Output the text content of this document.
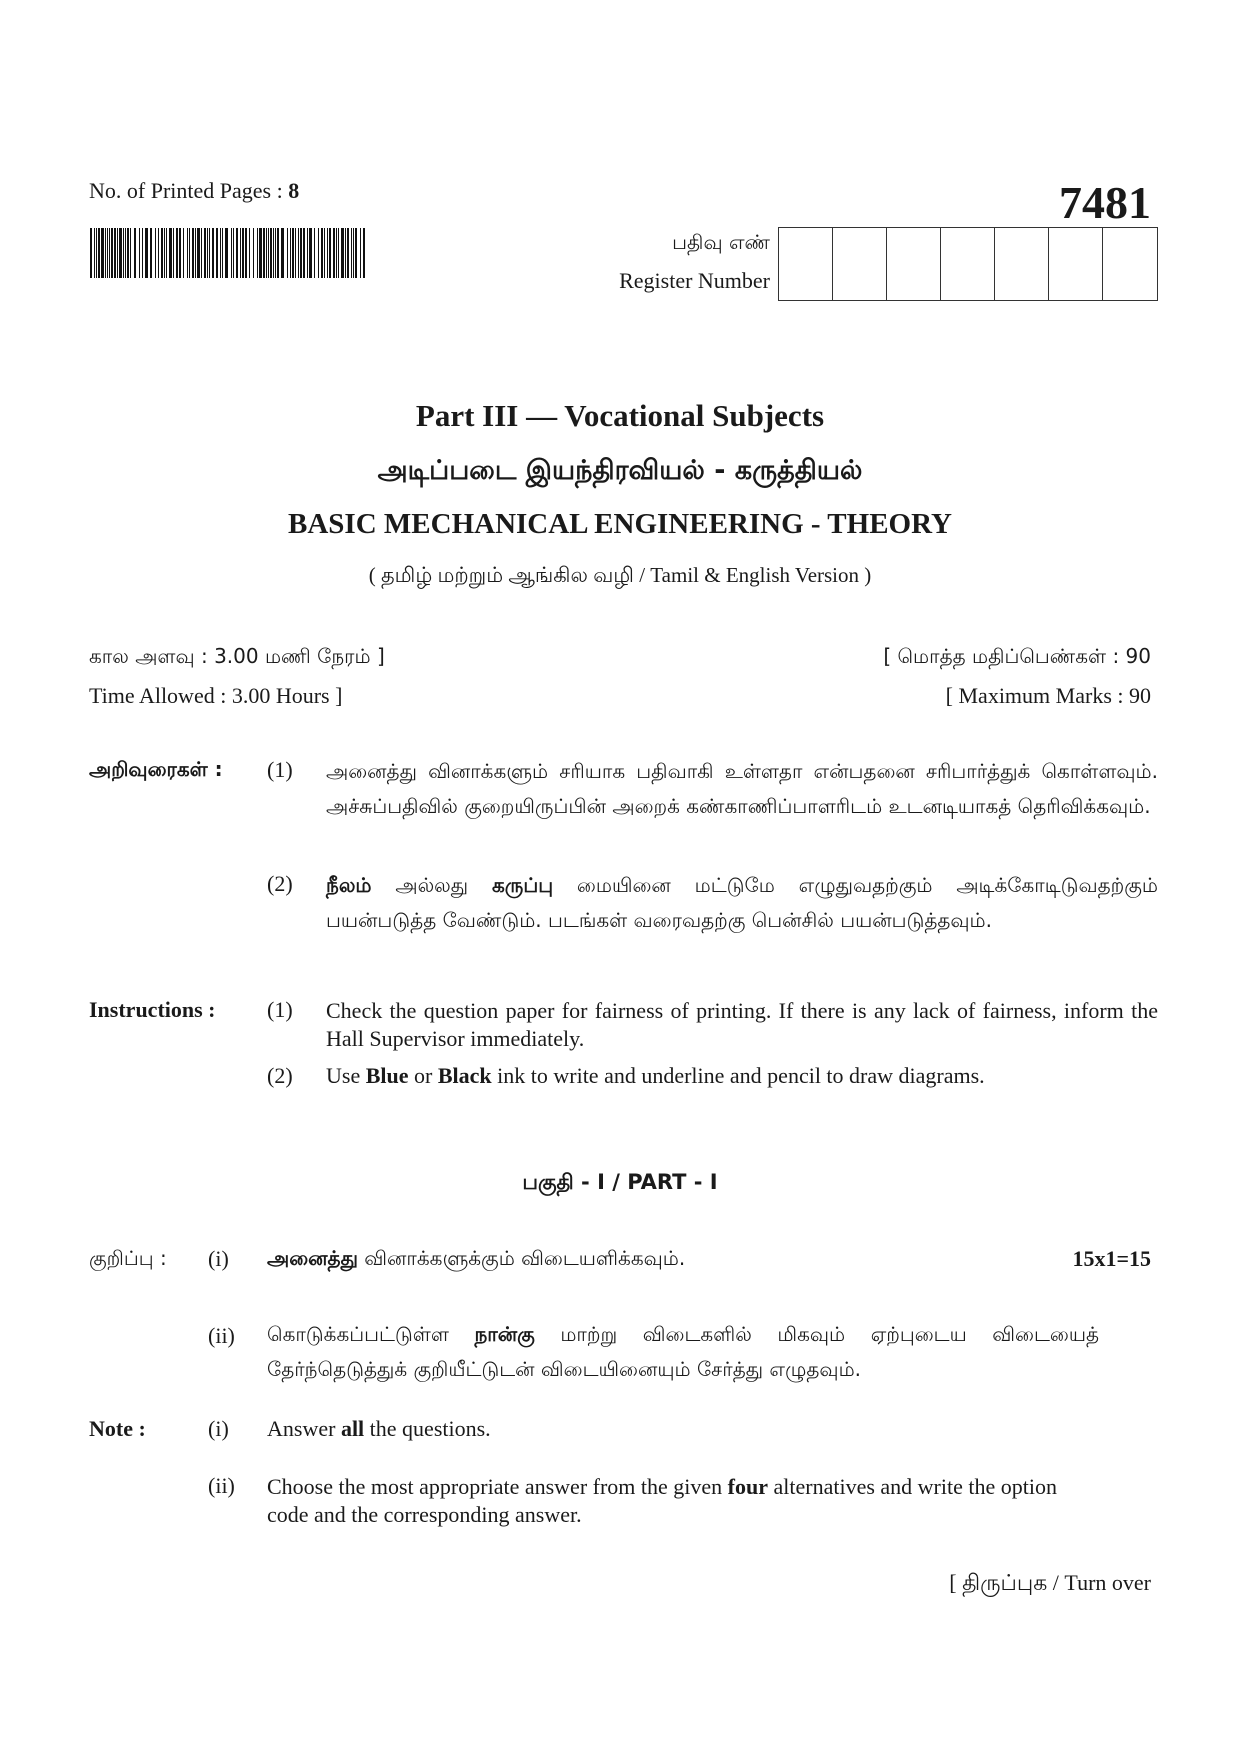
No. of Printed Pages : 8	7481
பதிவு எண்
Register Number
Part III — Vocational Subjects
அடிப்படை இயந்திரவியல் - கருத்தியல்
BASIC MECHANICAL ENGINEERING - THEORY
( தமிழ் மற்றும் ஆங்கில வழி / Tamil & English Version )
கால அளவு : 3.00 மணி நேரம் ]
Time Allowed : 3.00 Hours ]
[ மொத்த மதிப்பெண்கள் : 90
[ Maximum Marks : 90
அறிவுரைகள் : (1) அனைத்து வினாக்களும் சரியாக பதிவாகி உள்ளதா என்பதனை சரிபார்த்துக் கொள்ளவும். அச்சுப்பதிவில் குறையிருப்பின் அறைக் கண்காணிப்பாளரிடம் உடனடியாகத் தெரிவிக்கவும்.
(2) நீலம் அல்லது கருப்பு மையினை மட்டுமே எழுதுவதற்கும் அடிக்கோடிடுவதற்கும் பயன்படுத்த வேண்டும். படங்கள் வரைவதற்கு பென்சில் பயன்படுத்தவும்.
Instructions : (1) Check the question paper for fairness of printing. If there is any lack of fairness, inform the Hall Supervisor immediately.
(2) Use Blue or Black ink to write and underline and pencil to draw diagrams.
பகுதி - I / PART - I
குறிப்பு : (i) அனைத்து வினாக்களுக்கும் விடையளிக்கவும்.	15x1=15
(ii) கொடுக்கப்பட்டுள்ள நான்கு மாற்று விடைகளில் மிகவும் ஏற்புடைய விடையைத் தேர்ந்தெடுத்துக் குறியீட்டுடன் விடையினையும் சேர்த்து எழுதவும்.
Note :	(i) Answer all the questions.
(ii) Choose the most appropriate answer from the given four alternatives and write the option code and the corresponding answer.
[ திருப்புக / Turn over
